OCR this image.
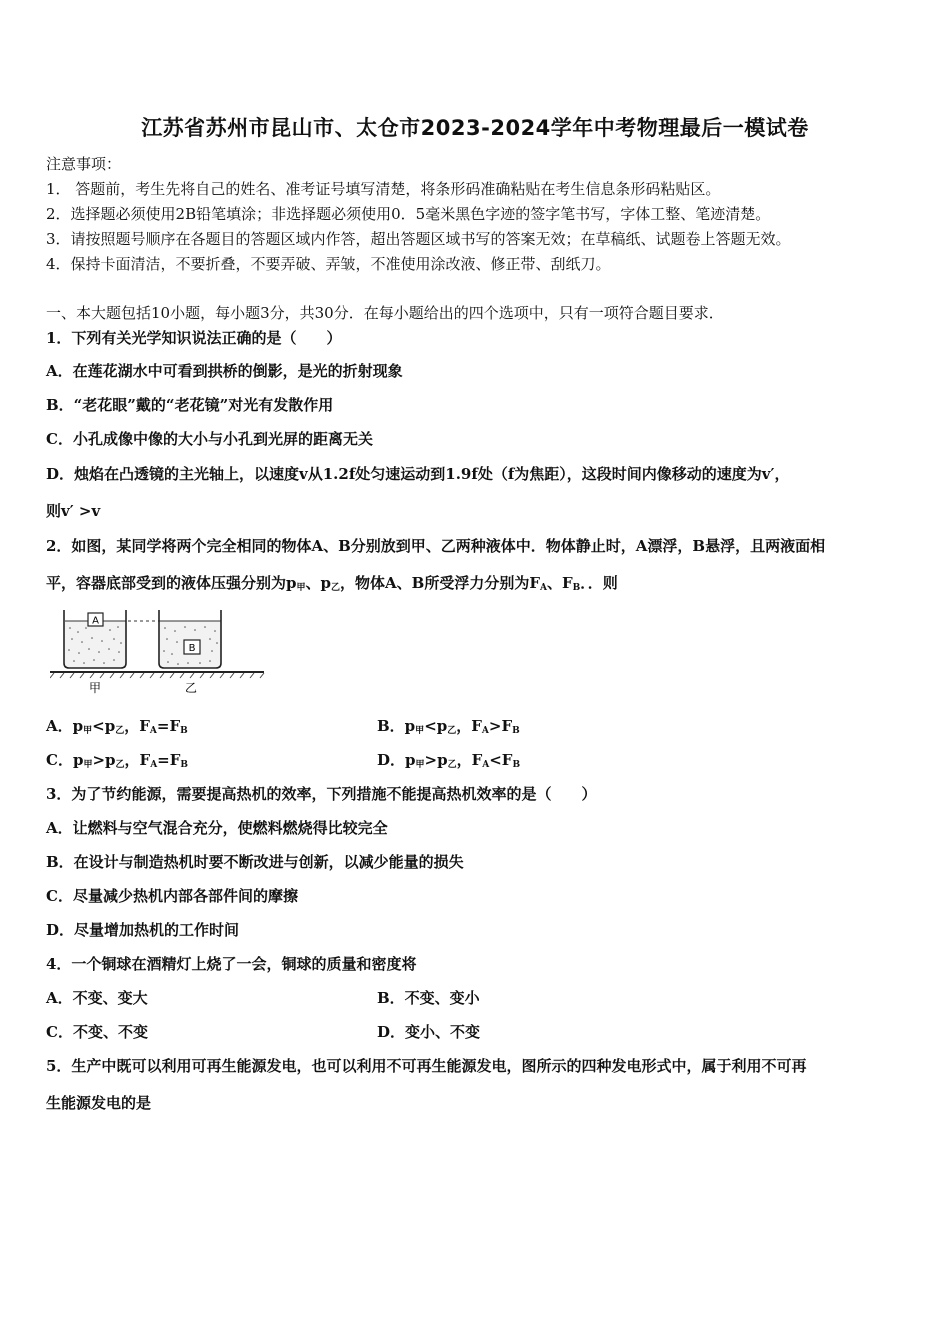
江苏省苏州市昆山市、太仓市2023-2024学年中考物理最后一模试卷
注意事项：
1． 答题前，考生先将自己的姓名、准考证号填写清楚，将条形码准确粘贴在考生信息条形码粘贴区。
2．选择题必须使用2B铅笔填涂；非选择题必须使用0．5毫米黑色字迹的签字笔书写，字体工整、笔迹清楚。
3．请按照题号顺序在各题目的答题区域内作答，超出答题区域书写的答案无效；在草稿纸、试题卷上答题无效。
4．保持卡面清洁，不要折叠，不要弄破、弄皱，不准使用涂改液、修正带、刮纸刀。
一、本大题包括10小题，每小题3分，共30分．在每小题给出的四个选项中，只有一项符合题目要求．
1．下列有关光学知识说法正确的是（　　）
A．在莲花湖水中可看到拱桥的倒影，是光的折射现象
B．“老花眼”戴的“老花镜”对光有发散作用
C．小孔成像中像的大小与小孔到光屏的距离无关
D．烛焰在凸透镜的主光轴上，以速度v从1.2f处匀速运动到1.9f处（f为焦距），这段时间内像移动的速度为v′，
则v′ >v
2．如图，某同学将两个完全相同的物体A、B分别放到甲、乙两种液体中．物体静止时，A漂浮，B悬浮，且两液面相
平，容器底部受到的液体压强分别为$p_甲$、$p_乙$，物体A、B所受浮力分别为$F_A$、$F_B$．．则
A
B
甲	乙
A．$p_甲<p_乙$，$F_A=F_B$	B．$p_甲<p_乙$，$F_A>F_B$
C．$p_甲>p_乙$，$F_A=F_B$	D．$p_甲>p_乙$，$F_A<F_B$
3．为了节约能源，需要提高热机的效率，下列措施不能提高热机效率的是（　　）
A．让燃料与空气混合充分，使燃料燃烧得比较完全
B．在设计与制造热机时要不断改进与创新，以减少能量的损失
C．尽量减少热机内部各部件间的摩擦
D．尽量增加热机的工作时间
4．一个铜球在酒精灯上烧了一会，铜球的质量和密度将
A．不变、变大	B．不变、变小
C．不变、不变	D．变小、不变
5．生产中既可以利用可再生能源发电，也可以利用不可再生能源发电，图所示的四种发电形式中，属于利用不可再
生能源发电的是
